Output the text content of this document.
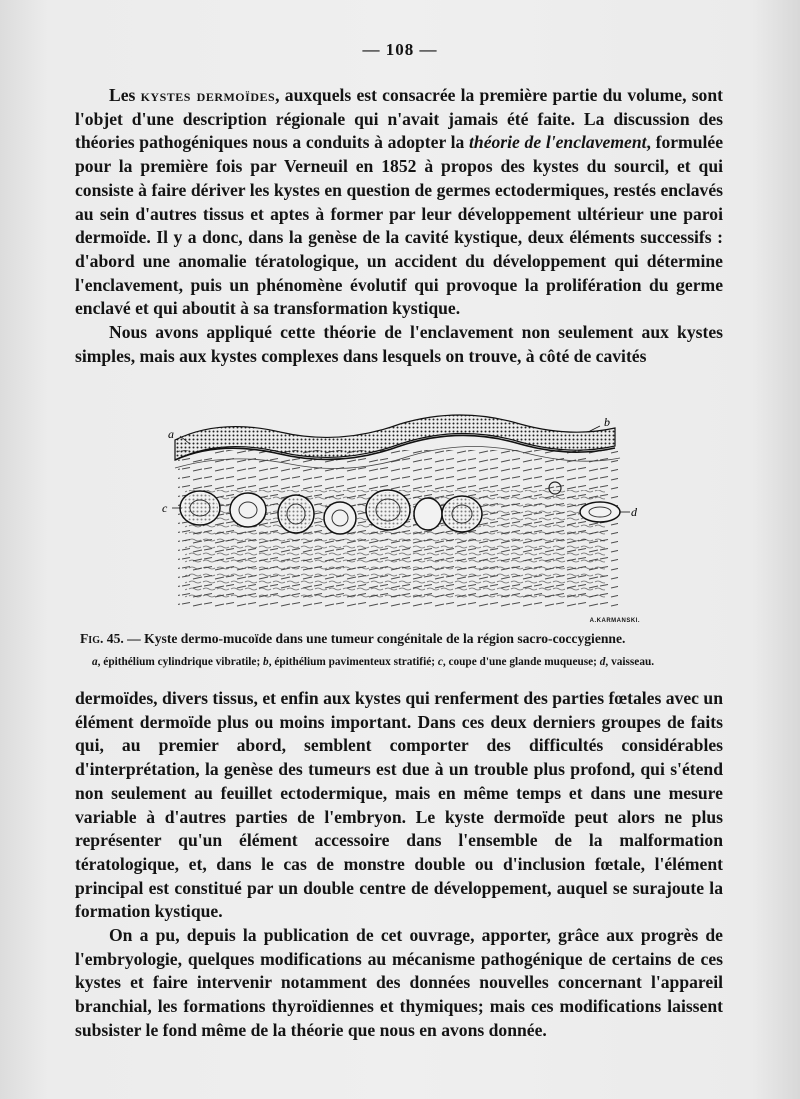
— 108 —

Les kystes dermoïdes, auxquels est consacrée la première partie du volume, sont l'objet d'une description régionale qui n'avait jamais été faite. La discussion des théories pathogéniques nous a conduits à adopter la théorie de l'enclavement, formulée pour la première fois par Verneuil en 1852 à propos des kystes du sourcil, et qui consiste à faire dériver les kystes en question de germes ectodermiques, restés enclavés au sein d'autres tissus et aptes à former par leur développement ultérieur une paroi dermoïde. Il y a donc, dans la genèse de la cavité kystique, deux éléments successifs : d'abord une anomalie tératologique, un accident du développement qui détermine l'enclavement, puis un phénomène évolutif qui provoque la prolifération du germe enclavé et qui aboutit à sa transformation kystique.

Nous avons appliqué cette théorie de l'enclavement non seulement aux kystes simples, mais aux kystes complexes dans lesquels on trouve, à côté de cavités

a
b
c	d
A.KARMANSKI.
Fig. 45. — Kyste dermo-mucoïde dans une tumeur congénitale de la région sacro-coccygienne.
a, épithélium cylindrique vibratile; b, épithélium pavimenteux stratifié; c, coupe d'une glande muqueuse; d, vaisseau.

dermoïdes, divers tissus, et enfin aux kystes qui renferment des parties fœtales avec un élément dermoïde plus ou moins important. Dans ces deux derniers groupes de faits qui, au premier abord, semblent comporter des difficultés considérables d'interprétation, la genèse des tumeurs est due à un trouble plus profond, qui s'étend non seulement au feuillet ectodermique, mais en même temps et dans une mesure variable à d'autres parties de l'embryon. Le kyste dermoïde peut alors ne plus représenter qu'un élément accessoire dans l'ensemble de la malformation tératologique, et, dans le cas de monstre double ou d'inclusion fœtale, l'élément principal est constitué par un double centre de développement, auquel se surajoute la formation kystique.

On a pu, depuis la publication de cet ouvrage, apporter, grâce aux progrès de l'embryologie, quelques modifications au mécanisme pathogénique de certains de ces kystes et faire intervenir notamment des données nouvelles concernant l'appareil branchial, les formations thyroïdiennes et thymiques; mais ces modifications laissent subsister le fond même de la théorie que nous en avons donnée.
